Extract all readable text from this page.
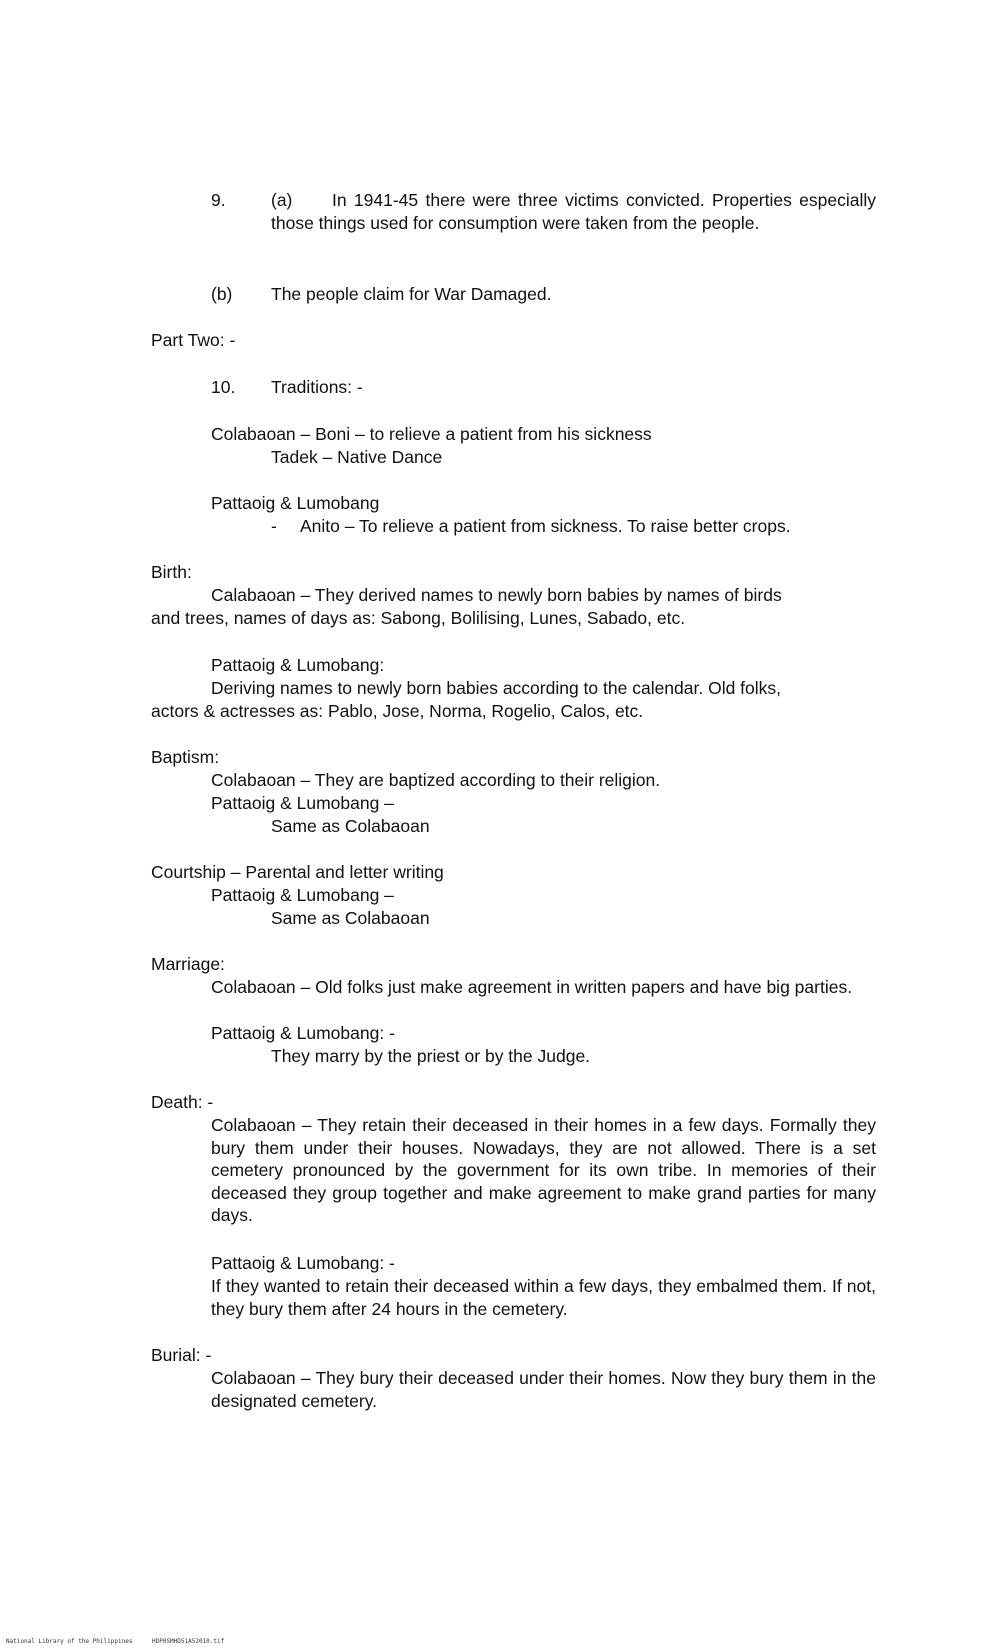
9.	(a)	In 1941-45 there were three victims convicted. Properties especially those things used for consumption were taken from the people.
(b) The people claim for War Damaged.
Part Two: -
10. Traditions: -
Colabaoan – Boni – to relieve a patient from his sickness
Tadek – Native Dance
Pattaoig & Lumobang
- Anito – To relieve a patient from sickness. To raise better crops.
Birth:
Calabaoan – They derived names to newly born babies by names of birds
and trees, names of days as: Sabong, Bolilising, Lunes, Sabado, etc.
Pattaoig & Lumobang:
Deriving names to newly born babies according to the calendar. Old folks,
actors & actresses as: Pablo, Jose, Norma, Rogelio, Calos, etc.
Baptism:
Colabaoan – They are baptized according to their religion.
Pattaoig & Lumobang –
Same as Colabaoan
Courtship – Parental and letter writing
Pattaoig & Lumobang –
Same as Colabaoan
Marriage:
Colabaoan – Old folks just make agreement in written papers and have big parties.
Pattaoig & Lumobang: -
They marry by the priest or by the Judge.
Death: -
Colabaoan – They retain their deceased in their homes in a few days. Formally they bury them under their houses. Nowadays, they are not allowed. There is a set cemetery pronounced by the government for its own tribe. In memories of their deceased they group together and make agreement to make grand parties for many days.
Pattaoig & Lumobang: -
If they wanted to retain their deceased within a few days, they embalmed them. If not, they bury them after 24 hours in the cemetery.
Burial: -
Colabaoan – They bury their deceased under their homes. Now they bury them in the designated cemetery.
National Library of the Philippines	HDP0SMHD51A52010.tif
